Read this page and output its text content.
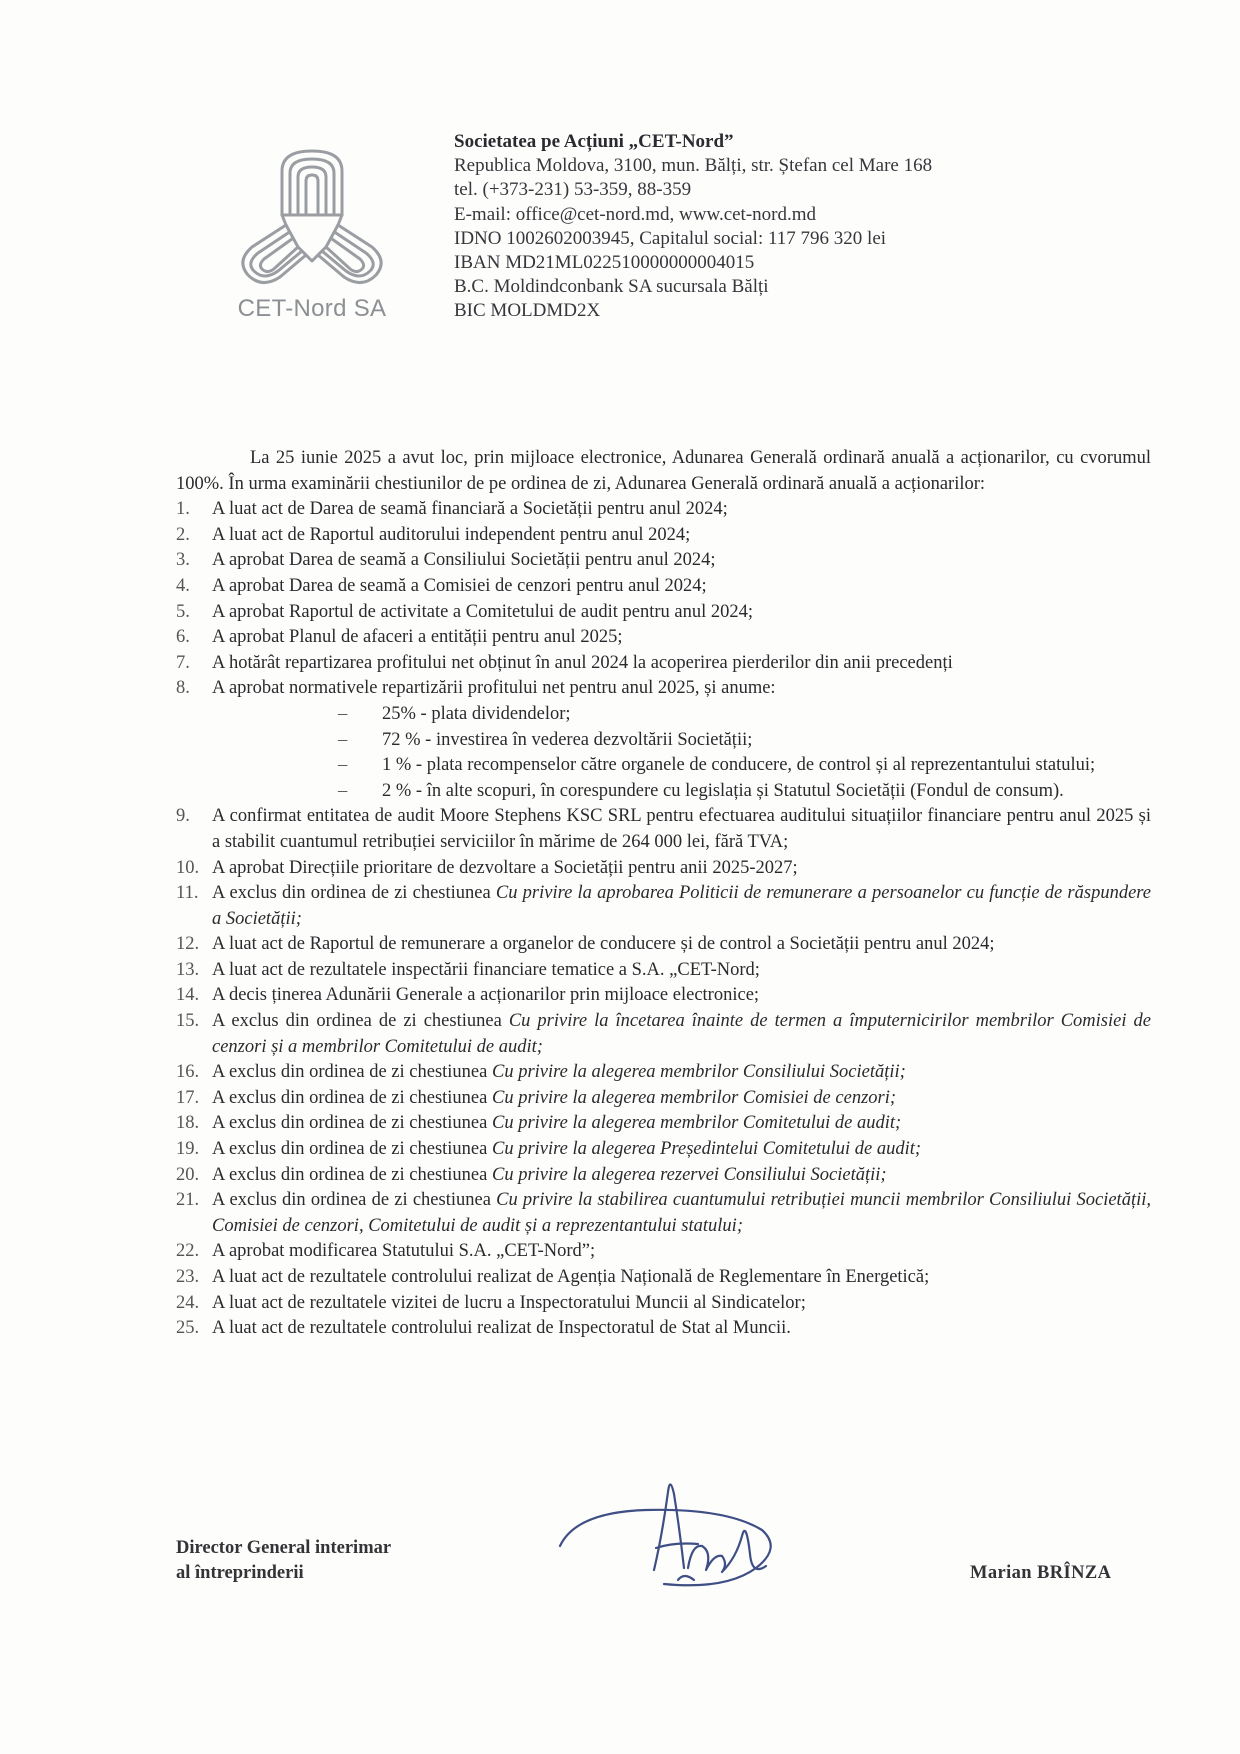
CET-Nord SA
Societatea pe Acțiuni „CET-Nord”
Republica Moldova, 3100, mun. Bălți, str. Ștefan cel Mare 168
tel. (+373-231) 53-359, 88-359
E-mail: office@cet-nord.md, www.cet-nord.md
IDNO 1002602003945, Capitalul social: 117 796 320 lei
IBAN MD21ML022510000000004015
B.C. Moldindconbank SA sucursala Bălți
BIC MOLDMD2X

La 25 iunie 2025 a avut loc, prin mijloace electronice, Adunarea Generală ordinară anuală a acționarilor, cu cvorumul 100%. În urma examinării chestiunilor de pe ordinea de zi, Adunarea Generală ordinară anuală a acționarilor:

1. A luat act de Darea de seamă financiară a Societății pentru anul 2024;
2. A luat act de Raportul auditorului independent pentru anul 2024;
3. A aprobat Darea de seamă a Consiliului Societății pentru anul 2024;
4. A aprobat Darea de seamă a Comisiei de cenzori pentru anul 2024;
5. A aprobat Raportul de activitate a Comitetului de audit pentru anul 2024;
6. A aprobat Planul de afaceri a entității pentru anul 2025;
7. A hotărât repartizarea profitului net obținut în anul 2024 la acoperirea pierderilor din anii precedenți
8. A aprobat normativele repartizării profitului net pentru anul 2025, și anume:
– 25% - plata dividendelor;
– 72 % - investirea în vederea dezvoltării Societății;
– 1 % - plata recompenselor către organele de conducere, de control și al reprezentantului statului;
– 2 % - în alte scopuri, în corespundere cu legislația și Statutul Societății (Fondul de consum).
9. A confirmat entitatea de audit Moore Stephens KSC SRL pentru efectuarea auditului situațiilor financiare pentru anul 2025 și a stabilit cuantumul retribuției serviciilor în mărime de 264 000 lei, fără TVA;
10. A aprobat Direcțiile prioritare de dezvoltare a Societății pentru anii 2025-2027;
11. A exclus din ordinea de zi chestiunea Cu privire la aprobarea Politicii de remunerare a persoanelor cu funcție de răspundere a Societății;
12. A luat act de Raportul de remunerare a organelor de conducere și de control a Societății pentru anul 2024;
13. A luat act de rezultatele inspectării financiare tematice a S.A. „CET-Nord;
14. A decis ținerea Adunării Generale a acționarilor prin mijloace electronice;
15. A exclus din ordinea de zi chestiunea Cu privire la încetarea înainte de termen a împuternicirilor membrilor Comisiei de cenzori și a membrilor Comitetului de audit;
16. A exclus din ordinea de zi chestiunea Cu privire la alegerea membrilor Consiliului Societății;
17. A exclus din ordinea de zi chestiunea Cu privire la alegerea membrilor Comisiei de cenzori;
18. A exclus din ordinea de zi chestiunea Cu privire la alegerea membrilor Comitetului de audit;
19. A exclus din ordinea de zi chestiunea Cu privire la alegerea Președintelui Comitetului de audit;
20. A exclus din ordinea de zi chestiunea Cu privire la alegerea rezervei Consiliului Societății;
21. A exclus din ordinea de zi chestiunea Cu privire la stabilirea cuantumului retribuției muncii membrilor Consiliului Societății, Comisiei de cenzori, Comitetului de audit și a reprezentantului statului;
22. A aprobat modificarea Statutului S.A. „CET-Nord”;
23. A luat act de rezultatele controlului realizat de Agenția Națională de Reglementare în Energetică;
24. A luat act de rezultatele vizitei de lucru a Inspectoratului Muncii al Sindicatelor;
25. A luat act de rezultatele controlului realizat de Inspectoratul de Stat al Muncii.
Director General interimar
al întreprinderii	Marian BRÎNZA
